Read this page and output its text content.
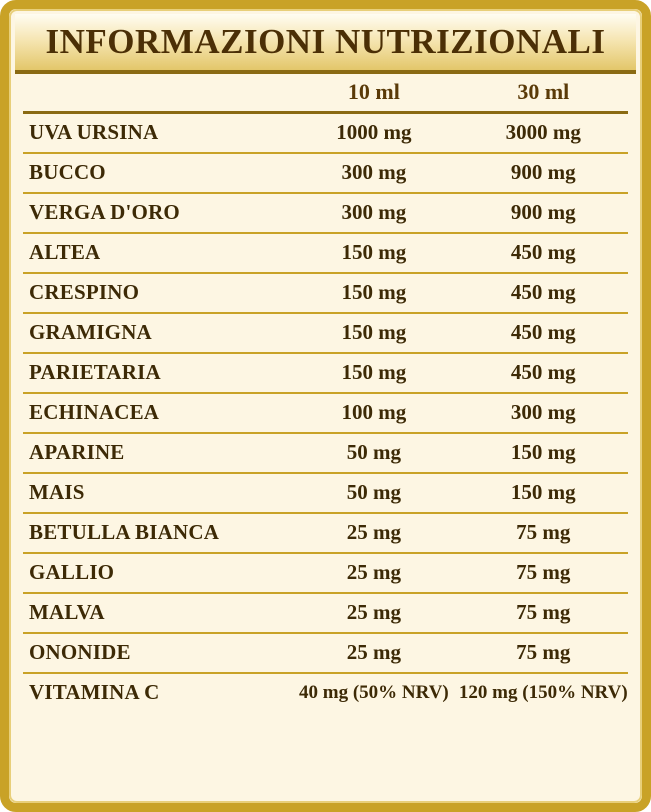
INFORMAZIONI NUTRIZIONALI
	10 ml	30 ml
UVA URSINA	1000 mg	3000 mg
BUCCO	300 mg	900 mg
VERGA D'ORO	300 mg	900 mg
ALTEA	150 mg	450 mg
CRESPINO	150 mg	450 mg
GRAMIGNA	150 mg	450 mg
PARIETARIA	150 mg	450 mg
ECHINACEA	100 mg	300 mg
APARINE	50 mg	150 mg
MAIS	50 mg	150 mg
BETULLA BIANCA	25 mg	75 mg
GALLIO	25 mg	75 mg
MALVA	25 mg	75 mg
ONONIDE	25 mg	75 mg
VITAMINA C	40 mg (50% NRV)	120 mg (150% NRV)
